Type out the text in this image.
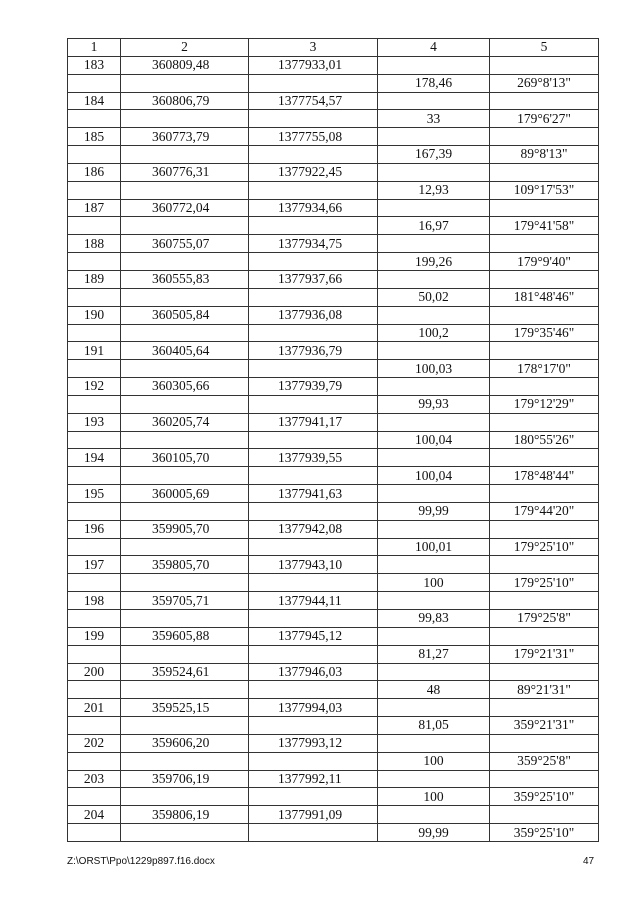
1	2	3	4	5
183	360809,48	1377933,01		
			178,46	269°8'13"
184	360806,79	1377754,57		
			33	179°6'27"
185	360773,79	1377755,08		
			167,39	89°8'13"
186	360776,31	1377922,45		
			12,93	109°17'53"
187	360772,04	1377934,66		
			16,97	179°41'58"
188	360755,07	1377934,75		
			199,26	179°9'40"
189	360555,83	1377937,66		
			50,02	181°48'46"
190	360505,84	1377936,08		
			100,2	179°35'46"
191	360405,64	1377936,79		
			100,03	178°17'0"
192	360305,66	1377939,79		
			99,93	179°12'29"
193	360205,74	1377941,17		
			100,04	180°55'26"
194	360105,70	1377939,55		
			100,04	178°48'44"
195	360005,69	1377941,63		
			99,99	179°44'20"
196	359905,70	1377942,08		
			100,01	179°25'10"
197	359805,70	1377943,10		
			100	179°25'10"
198	359705,71	1377944,11		
			99,83	179°25'8"
199	359605,88	1377945,12		
			81,27	179°21'31"
200	359524,61	1377946,03		
			48	89°21'31"
201	359525,15	1377994,03		
			81,05	359°21'31"
202	359606,20	1377993,12		
			100	359°25'8"
203	359706,19	1377992,11		
			100	359°25'10"
204	359806,19	1377991,09		
			99,99	359°25'10"
Z:\ORST\Ppo\1229p897.f16.docx	47
